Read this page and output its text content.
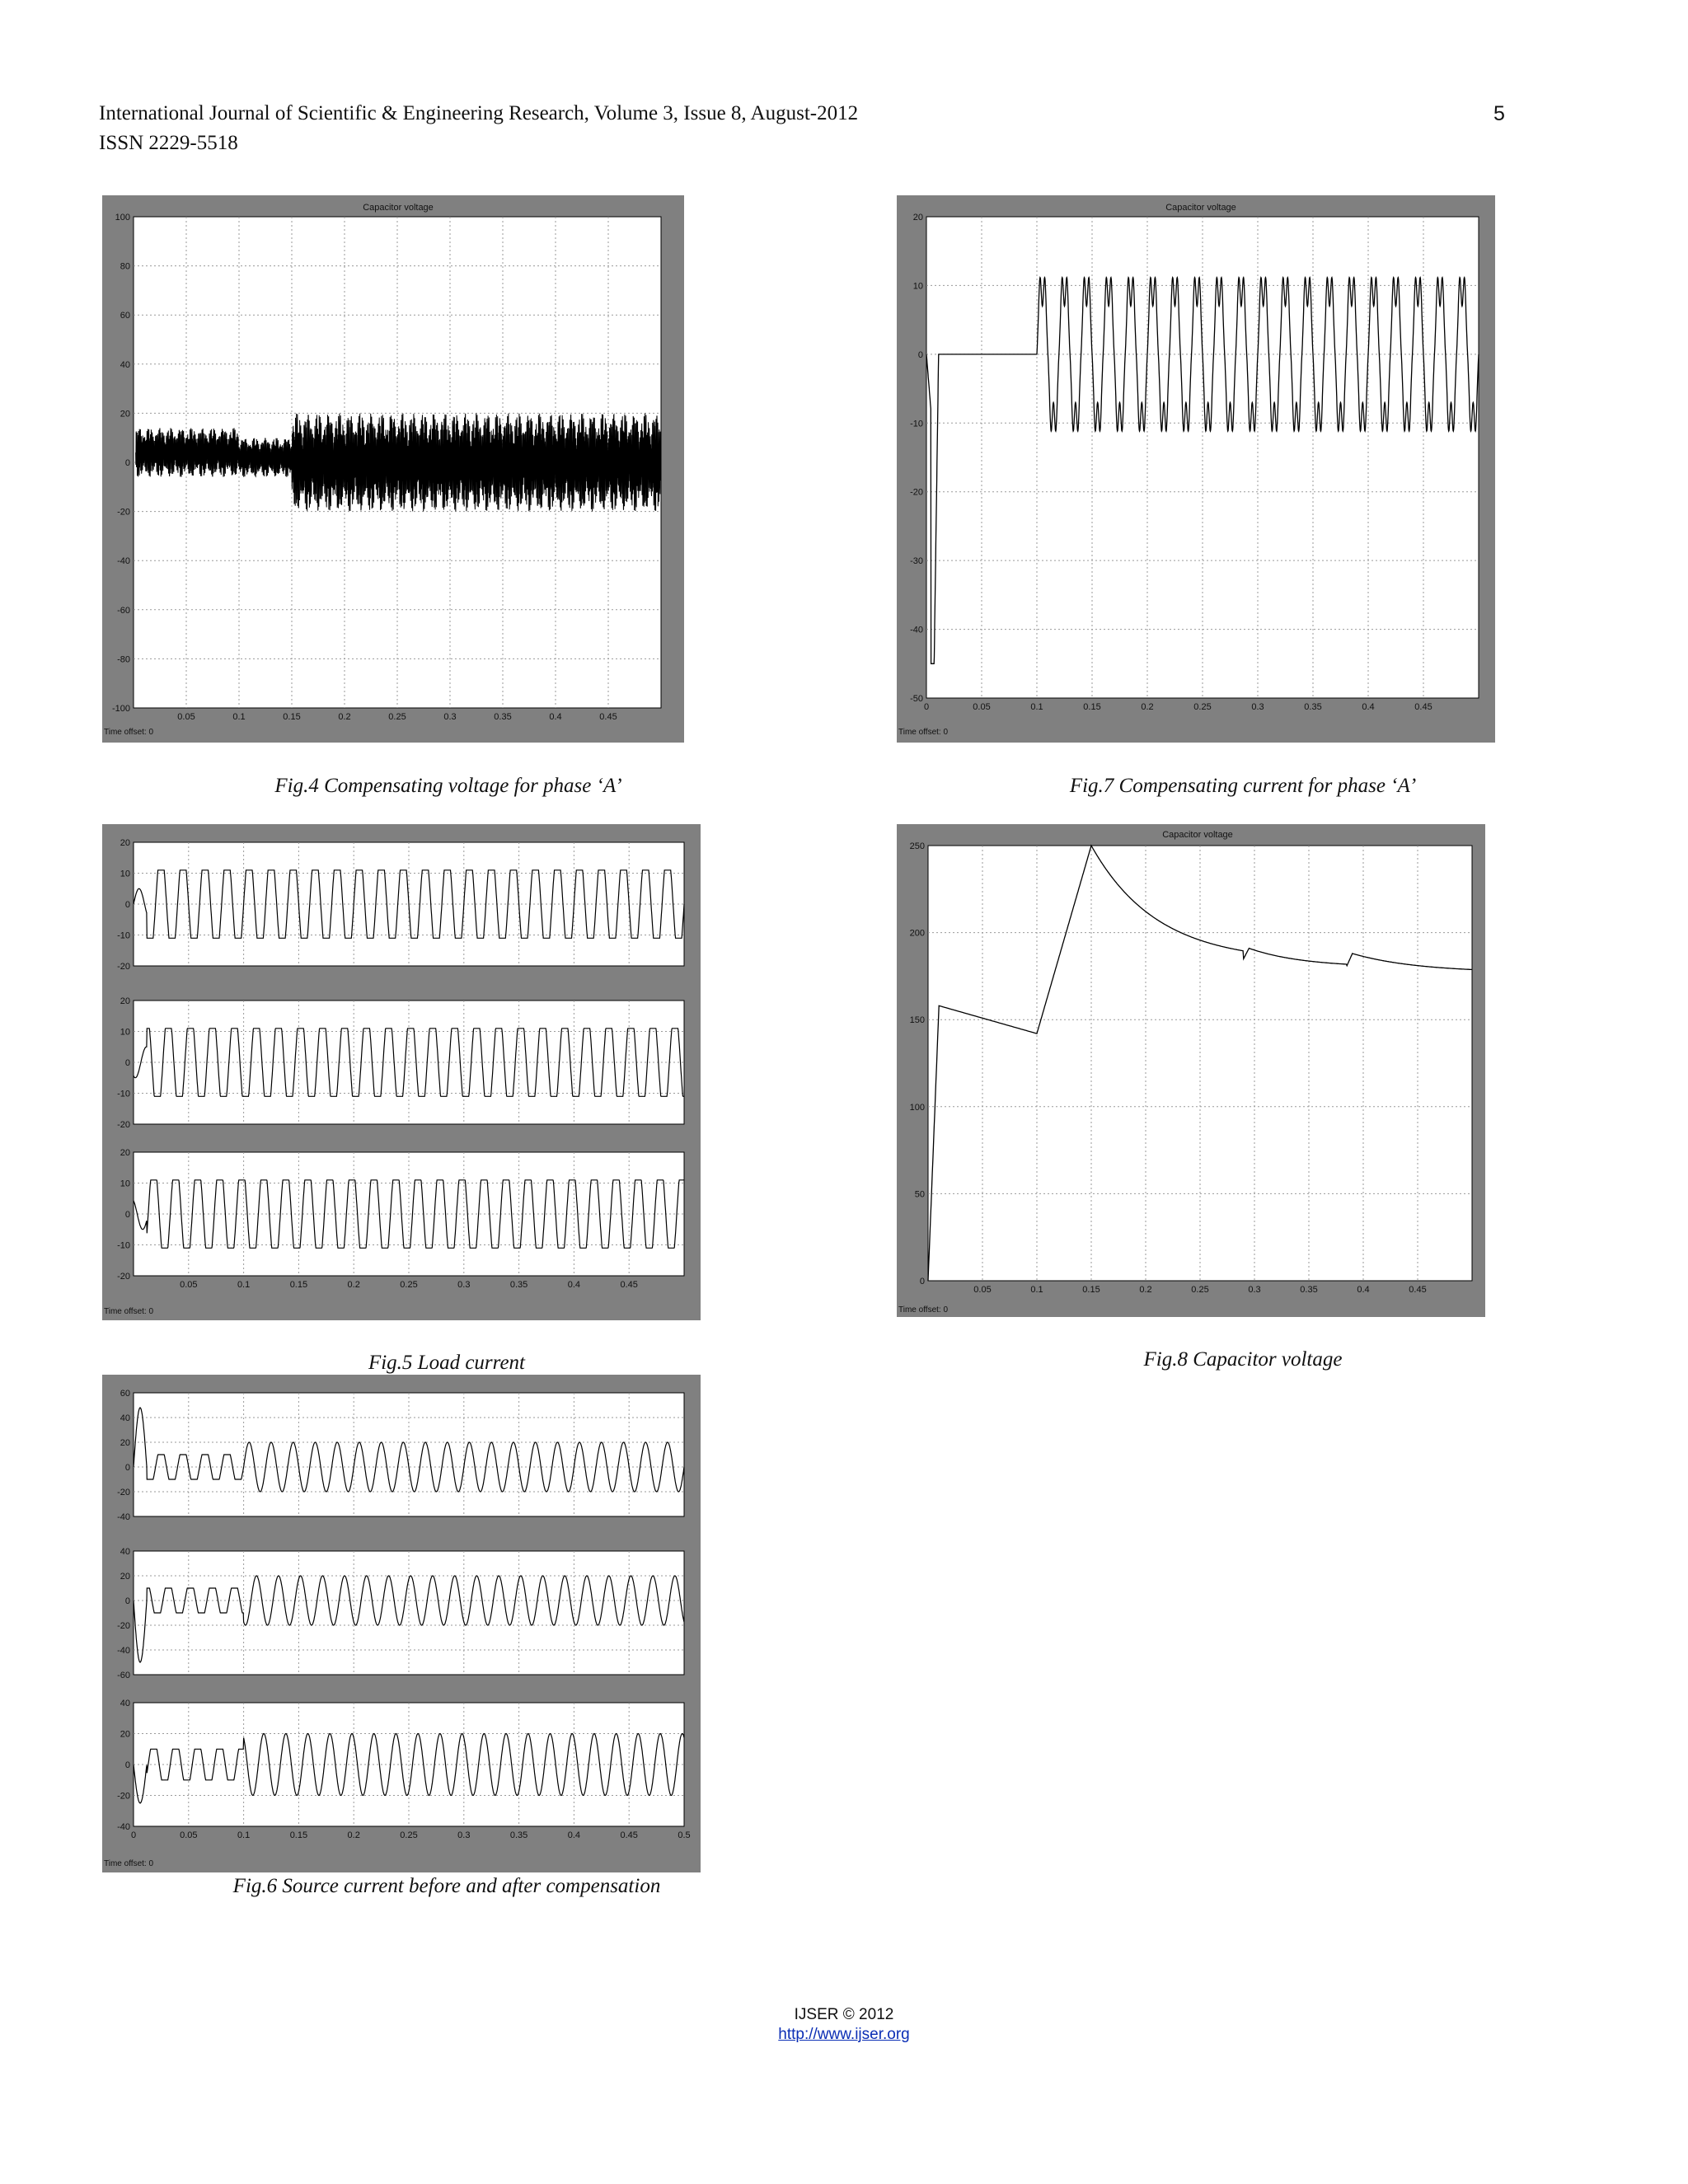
International Journal of Scientific & Engineering Research, Volume 3, Issue 8, August-2012
ISSN 2229-5518
5
Capacitor voltage
100
80
60
40
20
0
-20
-40
-60
-80
-100
0.05	0.1	0.15	0.2	0.25	0.3	0.35	0.4	0.45
Time offset: 0
Fig.4 Compensating voltage for phase ‘A’
Capacitor voltage
20
10
0
-10
-20
-30
-40
-50
0	0.05	0.1	0.15	0.2	0.25	0.3	0.35	0.4	0.45
Time offset: 0
Fig.7 Compensating current for phase ‘A’
20
10
0
-10
-20
20
10
0
-10
-20
20
10
0
-10
-20
0.05	0.1	0.15	0.2	0.25	0.3	0.35	0.4	0.45
Time offset: 0
Fig.5 Load current
Capacitor voltage
250
200
150
100
50
0
0.05	0.1	0.15	0.2	0.25	0.3	0.35	0.4	0.45
Time offset: 0
Fig.8 Capacitor voltage
60
40
20
0
-20
-40
40
20
0
-20
-40
-60
40
20
0
-20
-40
0	0.05	0.1	0.15	0.2	0.25	0.3	0.35	0.4	0.45	0.5
Time offset: 0
Fig.6 Source current before and after compensation
IJSER © 2012
http://www.ijser.org
